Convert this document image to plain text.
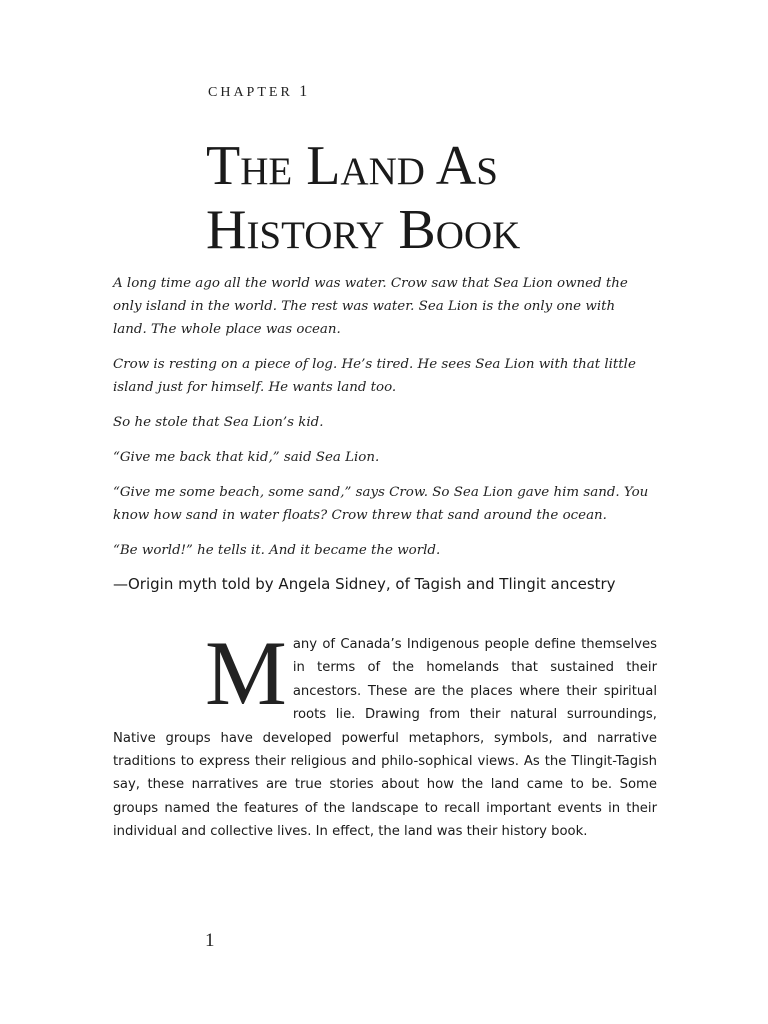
CHAPTER 1
The Land As
History Book

A long time ago all the world was water. Crow saw that Sea Lion owned the only island in the world. The rest was water. Sea Lion is the only one with land. The whole place was ocean.

Crow is resting on a piece of log. He’s tired. He sees Sea Lion with that little island just for himself. He wants land too.

So he stole that Sea Lion’s kid.

“Give me back that kid,” said Sea Lion.

“Give me some beach, some sand,” says Crow. So Sea Lion gave him sand. You know how sand in water floats? Crow threw that sand around the ocean.

“Be world!” he tells it. And it became the world.

—Origin myth told by Angela Sidney, of Tagish and Tlingit ancestry
M any of Canada’s Indigenous people define themselves in terms of the homelands that sustained their ancestors. These are the places where their spiritual roots lie. Drawing from their natural surroundings, Native groups have developed powerful metaphors, symbols, and narrative traditions to express their religious and philo-sophical views. As the Tlingit-Tagish say, these narratives are true stories about how the land came to be. Some groups named the features of the landscape to recall important events in their individual and collective lives. In effect, the land was their history book.
1
